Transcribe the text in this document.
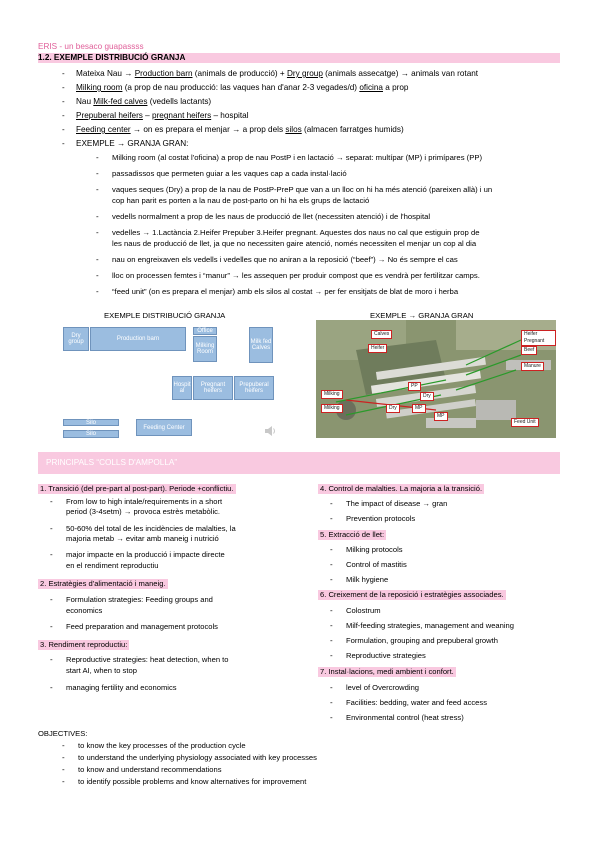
ERIS - un besaco guapassss
1.2. EXEMPLE DISTRIBUCIÓ GRANJA
- Mateixa Nau → Production barn (animals de producció) + Dry group (animals assecatge) → animals van rotant
- Milking room (a prop de nau producció: las vaques han d'anar 2-3 vegades/d) oficina a prop
- Nau Milk-fed calves (vedells lactants)
- Prepuberal heifers – pregnant heifers – hospital
- Feeding center → on es prepara el menjar → a prop dels silos (almacen farratges humids)
- EXEMPLE → GRANJA GRAN:
- Milking room (al costat l'oficina) a prop de nau PostP i en lactació → separat: multípar (MP) i primípares (PP)
- passadissos que permeten guiar a les vaques cap a cada instal·lació
- vaques seques (Dry) a prop de la nau de PostP-PreP que van a un lloc on hi ha més atenció (pareixen allà) i un
cop han parit es porten a la nau de post-parto on hi ha els grups de lactació
- vedells normalment a prop de les naus de producció de llet (necessiten atenció) i de l'hospital
- vedelles → 1.Lactància 2.Heifer Prepuber 3.Heifer pregnant. Aquestes dos naus no cal que estiguin prop de
les naus de producció de llet, ja que no necessiten gaire atenció, només necessiten el menjar un cop al dia
- nau on engreixaven els vedells i vedelles que no aniran a la reposició (“beef”) → No és sempre el cas
- lloc on processen femtes i “manur” → les assequen per produir compost que es vendrà per fertilitzar camps.
- “feed unit” (on es prepara el menjar) amb els silos al costat → per fer ensitjats de blat de moro i herba
EXEMPLE DISTRIBUCIÓ GRANJA	EXEMPLE → GRANJA GRAN
Dry group	Production barn
Office
Milking Room
Milk fed Calves
Hospit al
Pregnant heifers
Prepuberal heifers
Silo
Silo
Feeding Center
Calves
Heifer
Heifer Pregnant
Beef
Manure
Milking
Milking
PP
Dry
MP
Dry
MP
Feed Unit
PRINCIPALS “COLLS D'AMPOLLA”
1. Transició (del pre-part al post-part). Periode +conflictiu.
- From low to high intale/requirements in a short
period (3-4setm) → provoca estrès metabòlic.
- 50-60% del total de les incidències de malalties, la
majoria metab → evitar amb maneig i nutrició
- major impacte en la producció i impacte directe
en el rendiment reproductiu
2. Estratègies d'alimentació i maneig.
- Formulation strategies: Feeding groups and
economics
- Feed preparation and management protocols
3. Rendiment reproductiu:
- Reproductive strategies: heat detection, when to
start AI, when to stop
- managing fertility and economics
4. Control de malalties. La majoria a la transició.
- The impact of disease → gran
- Prevention protocols
5. Extracció de llet:
- Milking protocols
- Control of mastitis
- Milk hygiene
6. Creixement de la reposició i estratègies associades.
- Colostrum
- Milf-feeding strategies, management and weaning
- Formulation, grouping and prepuberal growth
- Reproductive strategies
7. Instal·lacions, medi ambient i confort.
- level of Overcrowding
- Facilities: bedding, water and feed access
- Environmental control (heat stress)
OBJECTIVES:
- to know the key processes of the production cycle
- to understand the underlying physiology associated with key processes
- to know and understand recommendations
- to identify possible problems and know alternatives for improvement
